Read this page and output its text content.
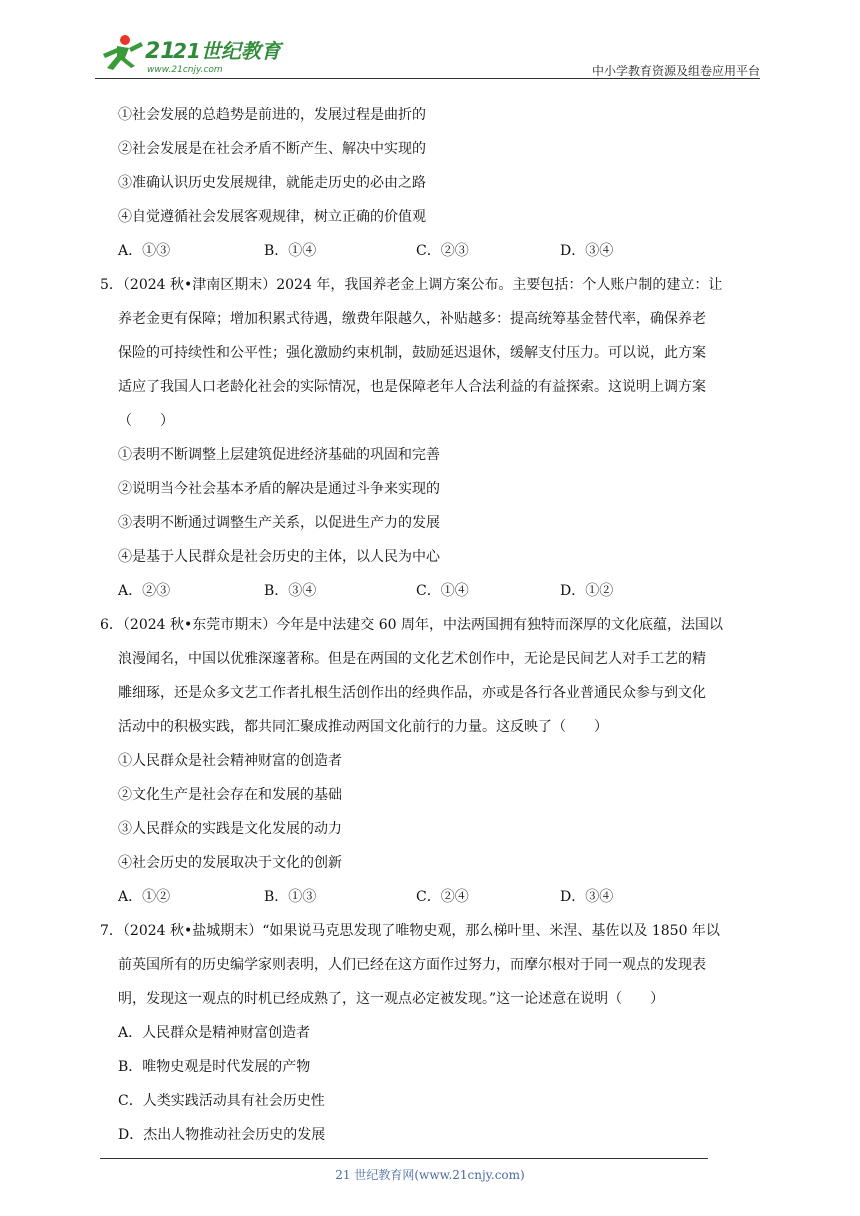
21
21世纪教育
www.21cnjy.com	中小学教育资源及组卷应用平台
①社会发展的总趋势是前进的，发展过程是曲折的
②社会发展是在社会矛盾不断产生、解决中实现的
③准确认识历史发展规律，就能走历史的必由之路
④自觉遵循社会发展客观规律，树立正确的价值观
A．①③	B．①④	C．②③	D．③④
5．（2024 秋•津南区期末）2024 年，我国养老金上调方案公布。主要包括：个人账户制的建立：让
养老金更有保障；增加积累式待遇，缴费年限越久，补贴越多：提高统筹基金替代率，确保养老
保险的可持续性和公平性；强化激励约束机制，鼓励延迟退休，缓解支付压力。可以说，此方案
适应了我国人口老龄化社会的实际情况，也是保障老年人合法利益的有益探索。这说明上调方案
（　　）
①表明不断调整上层建筑促进经济基础的巩固和完善
②说明当今社会基本矛盾的解决是通过斗争来实现的
③表明不断通过调整生产关系，以促进生产力的发展
④是基于人民群众是社会历史的主体，以人民为中心
A．②③	B．③④	C．①④	D．①②
6．（2024 秋•东莞市期末）今年是中法建交 60 周年，中法两国拥有独特而深厚的文化底蕴，法国以
浪漫闻名，中国以优雅深邃著称。但是在两国的文化艺术创作中，无论是民间艺人对手工艺的精
雕细琢，还是众多文艺工作者扎根生活创作出的经典作品，亦或是各行各业普通民众参与到文化
活动中的积极实践，都共同汇聚成推动两国文化前行的力量。这反映了（　　）
①人民群众是社会精神财富的创造者
②文化生产是社会存在和发展的基础
③人民群众的实践是文化发展的动力
④社会历史的发展取决于文化的创新
A．①②	B．①③	C．②④	D．③④
7．（2024 秋•盐城期末）“如果说马克思发现了唯物史观，那么梯叶里、米涅、基佐以及 1850 年以
前英国所有的历史编学家则表明，人们已经在这方面作过努力，而摩尔根对于同一观点的发现表
明，发现这一观点的时机已经成熟了，这一观点必定被发现。”这一论述意在说明（　　）
A．人民群众是精神财富创造者
B．唯物史观是时代发展的产物
C．人类实践活动具有社会历史性
D．杰出人物推动社会历史的发展
21 世纪教育网(www.21cnjy.com)
